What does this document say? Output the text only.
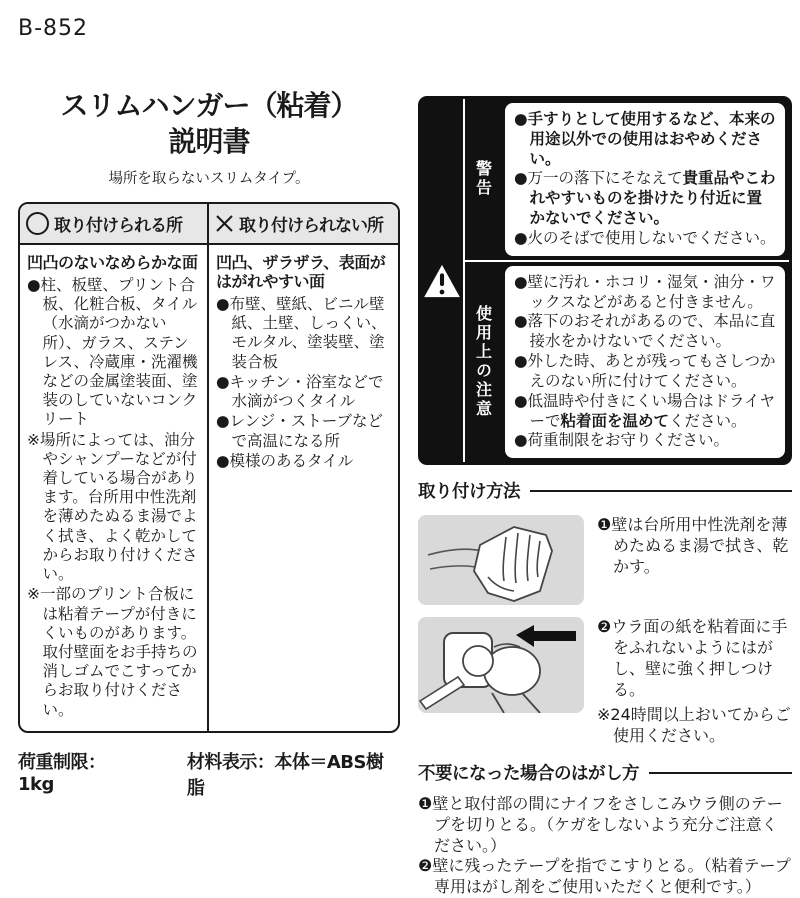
B-852
スリムハンガー（粘着）
説明書
場所を取らないスリムタイプ。
取り付けられる所	取り付けられない所
凹凸のないなめらかな面

●柱、板壁、プリント合板、化粧合板、タイル（水滴がつかない所）、ガラス、ステンレス、冷蔵庫・洗濯機などの金属塗装面、塗装のしていないコンクリート

※場所によっては、油分やシャンプーなどが付着している場合があります。台所用中性洗剤を薄めたぬるま湯でよく拭き、よく乾かしてからお取り付けください。

※一部のプリント合板には粘着テープが付きにくいものがあります。取付壁面をお手持ちの消しゴムでこすってからお取り付けください。

凹凸、ザラザラ、表面がはがれやすい面

●布壁、壁紙、ビニル壁紙、土壁、しっくい、モルタル、塗装壁、塗装合板

●キッチン・浴室などで水滴がつくタイル

●レンジ・ストーブなどで高温になる所

●模様のあるタイル

荷重制限：1kg
材料表示：本体＝ABS樹脂
警告
●手すりとして使用するなど、本来の用途以外での使用はおやめください。
●万一の落下にそなえて貴重品やこわれやすいものを掛けたり付近に置かないでください。
●火のそばで使用しないでください。
使用上の注意
●壁に汚れ・ホコリ・湿気・油分・ワックスなどがあると付きません。
●落下のおそれがあるので、本品に直接水をかけないでください。
●外した時、あとが残ってもさしつかえのない所に付けてください。
●低温時や付きにくい場合はドライヤーで粘着面を温めてください。
●荷重制限をお守りください。
取り付け方法

❶壁は台所用中性洗剤を薄めたぬるま湯で拭き、乾かす。

❷ウラ面の紙を粘着面に手をふれないようにはがし、壁に強く押しつける。

※24時間以上おいてからご使用ください。

不要になった場合のはがし方

❶壁と取付部の間にナイフをさしこみウラ側のテープを切りとる。（ケガをしないよう充分ご注意ください。）

❷壁に残ったテープを指でこすりとる。（粘着テープ専用はがし剤をご使用いただくと便利です。）
